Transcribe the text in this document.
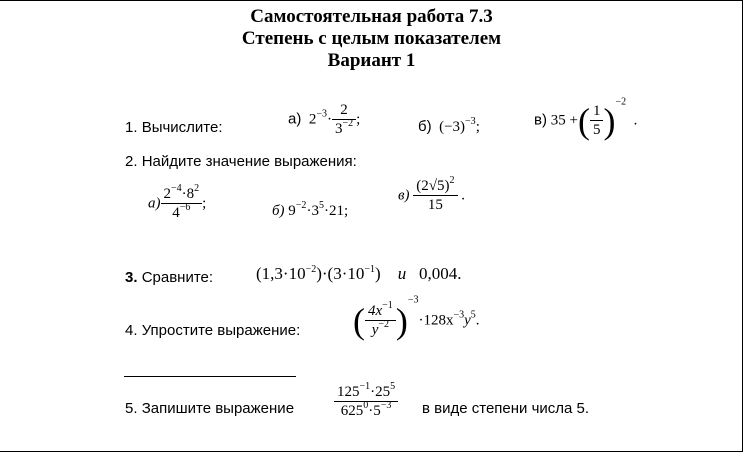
Самостоятельная работа 7.3
Степень с целым показателем
Вариант 1
1. Вычислите:
а) $2^{-3}\cdot \frac{2}{3^{-2}}$ ;	б) $(-3)^{-3}$;	в) 35 +( $\frac{1}{5} )^{-2}$  .
2. Найдите значение выражения:
$а) \frac{2^{-4}\cdot 8^2}{4^{-6}}$ ;	б) $9^{-2}\cdot 3^5\cdot 21$;
$в) \frac{(2√5)^2}{15}$ .
3. Сравните:	$(1,3\cdot 10^{-2})\cdot(3\cdot 10^{-1})$ и 0,004.
4. Упростите выражение: ( $\frac{4x^{-1}}{y^{-2}} )^{-3}\cdot 128x^{-3}y^5$.
5. Запишите выражение	$\frac{125^{-1}\cdot 25^5}{625^0\cdot 5^{-3}}$ в виде степени числа 5.
